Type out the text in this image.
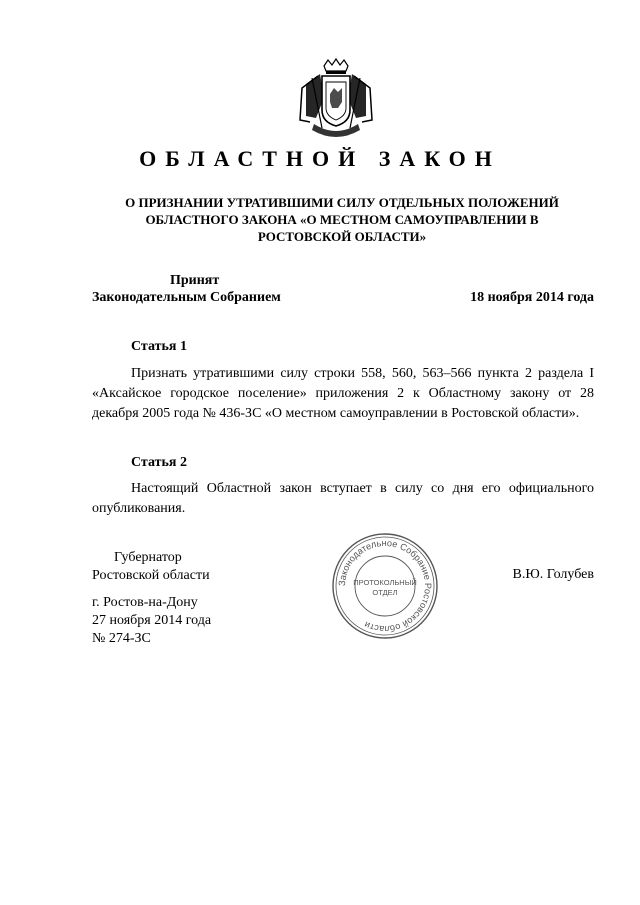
ОБЛАСТНОЙ ЗАКОН
О ПРИЗНАНИИ УТРАТИВШИМИ СИЛУ ОТДЕЛЬНЫХ ПОЛОЖЕНИЙ
ОБЛАСТНОГО ЗАКОНА «О МЕСТНОМ САМОУПРАВЛЕНИИ В
РОСТОВСКОЙ ОБЛАСТИ»
Принят
Законодательным Собранием	18 ноября 2014 года
Статья 1

Признать утратившими силу строки 558, 560, 563–566 пункта 2 раздела I «Аксайское городское поселение» приложения 2 к Областному закону от 28 декабря 2005 года № 436-ЗС «О местном самоуправлении в Ростовской области».

Статья 2

Настоящий Областной закон вступает в силу со дня его официального опубликования.

Губернатор
Ростовской области	В.Ю. Голубев
г. Ростов-на-Дону
27 ноября 2014 года
№ 274-ЗС
Законодательное Собрание Ростовской области
ПРОТОКОЛЬНЫЙ
ОТДЕЛ
